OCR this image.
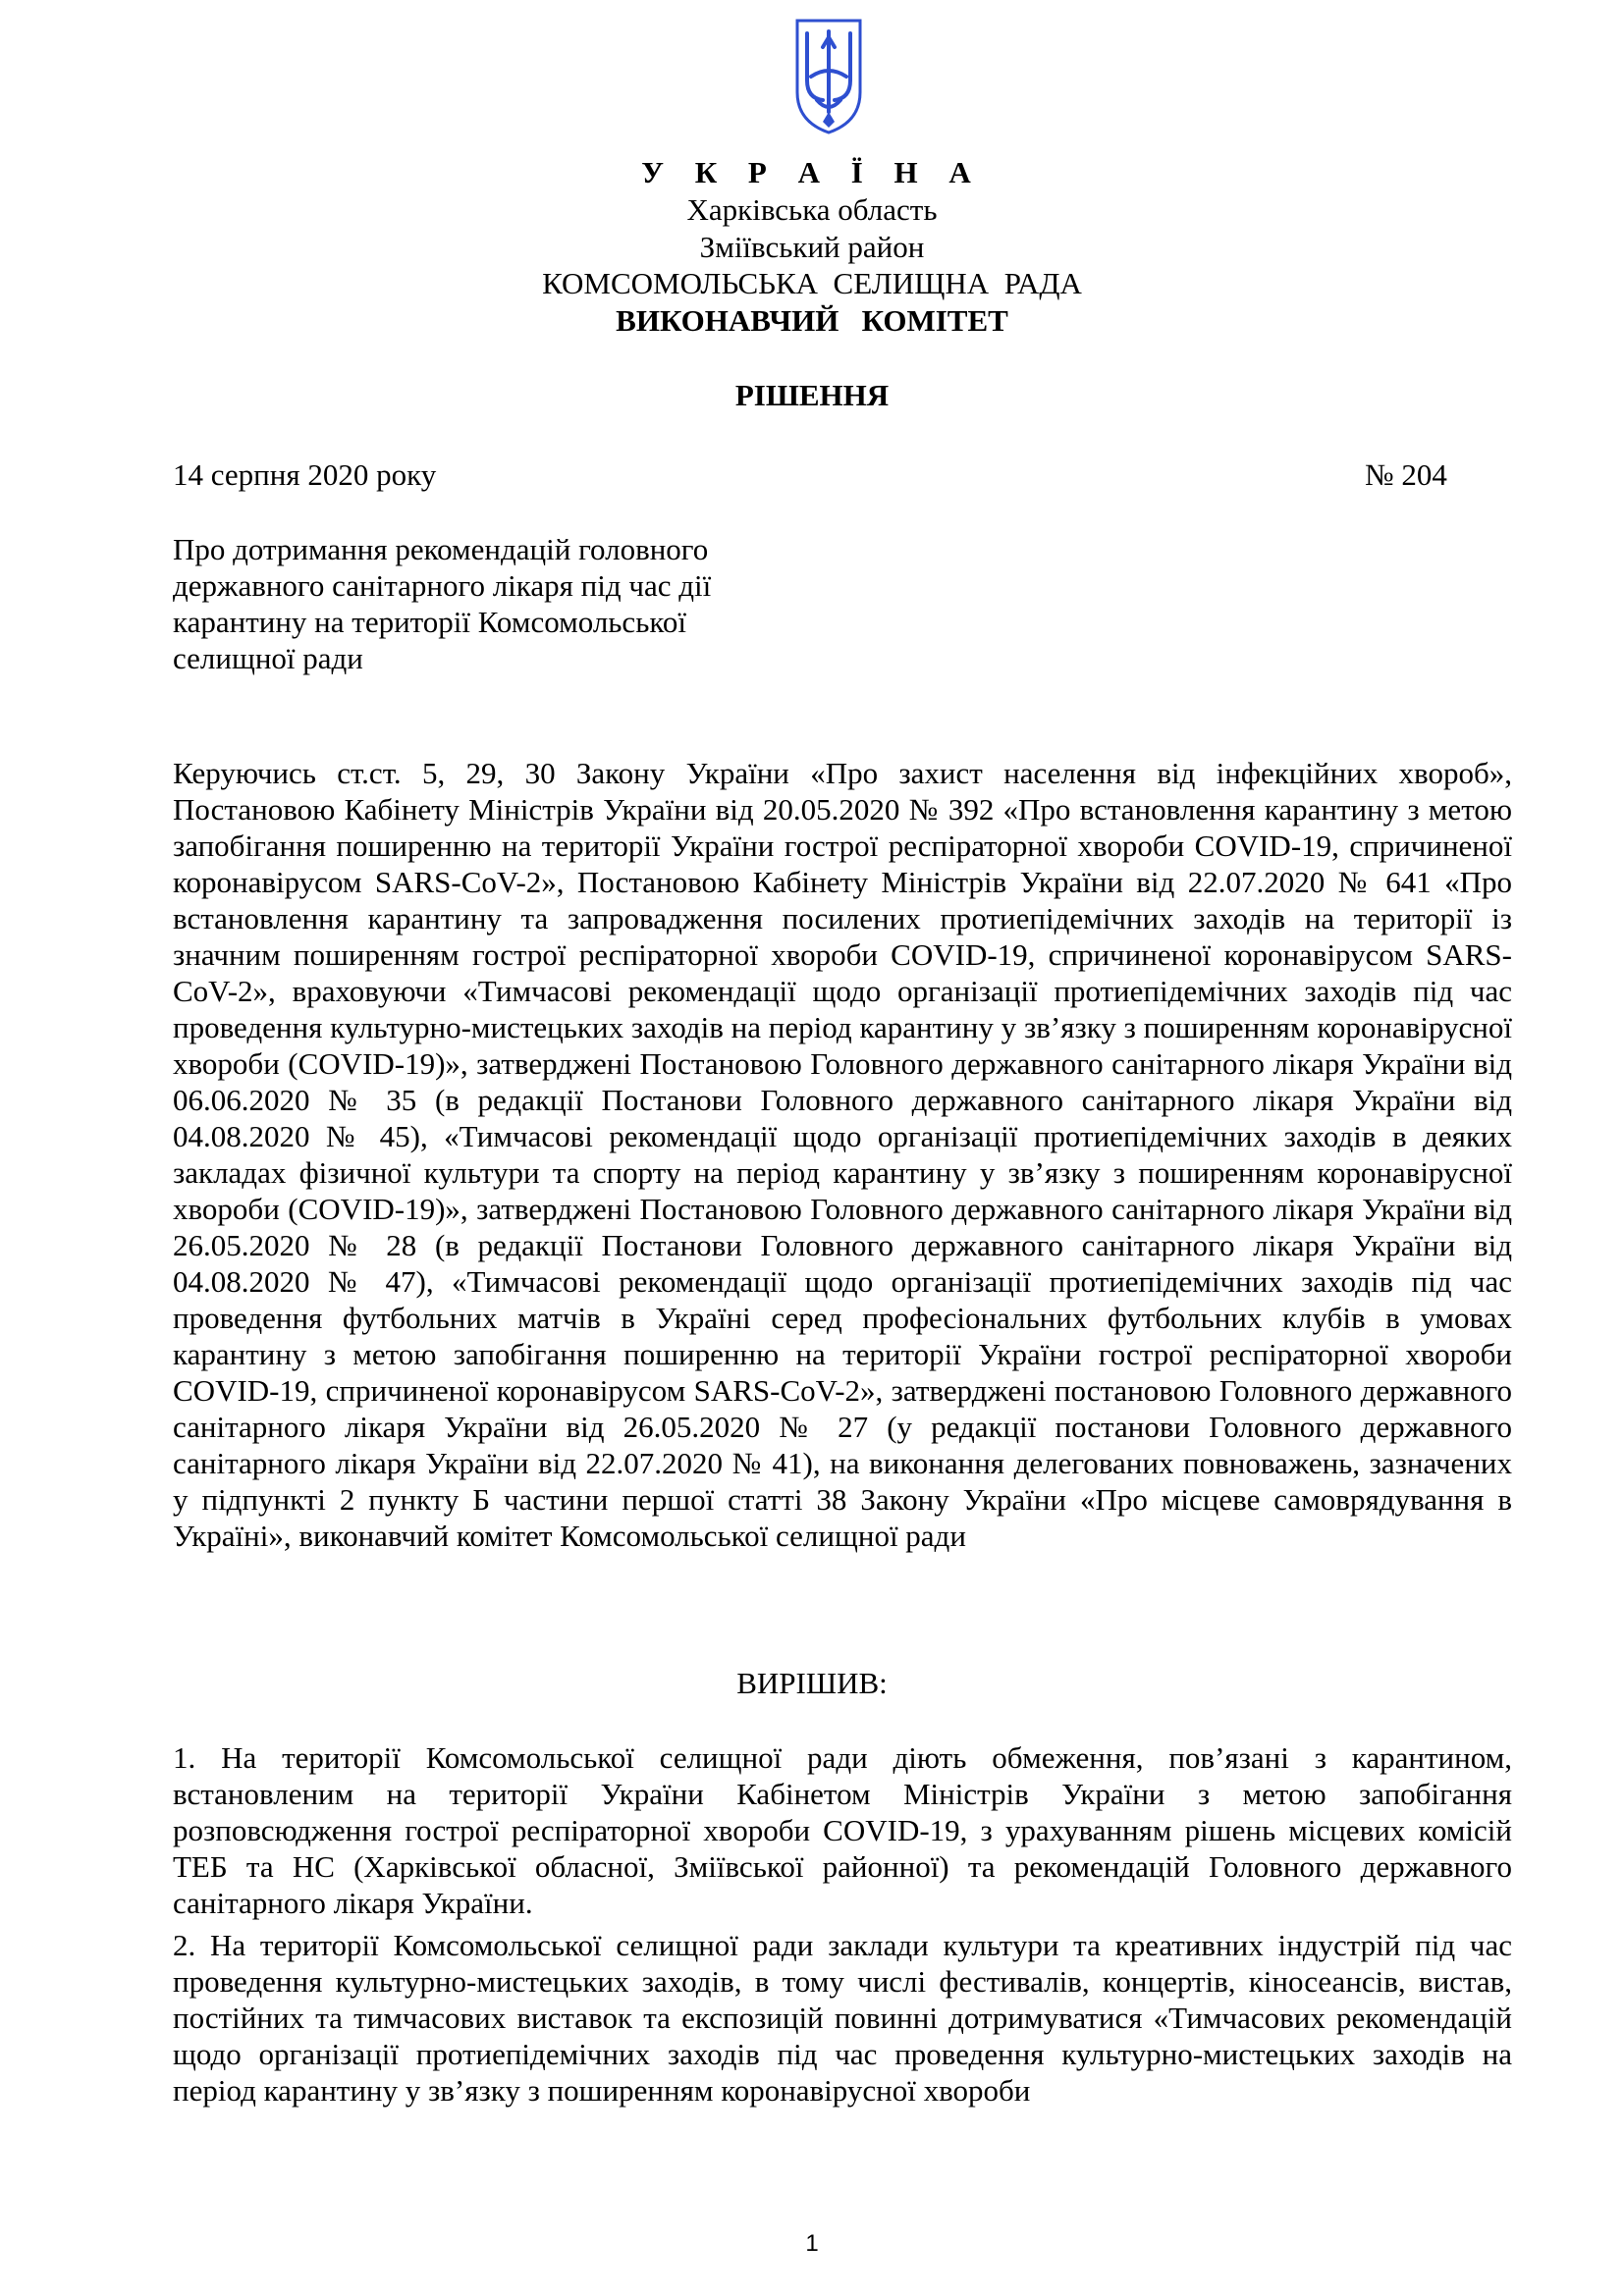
У К Р А Ї Н А
Харківська область
Зміївський район
КОМСОМОЛЬСЬКА  СЕЛИЩНА  РАДА
ВИКОНАВЧИЙ   КОМІТЕТ
РІШЕННЯ
14 серпня 2020 року	№ 204
Про дотримання рекомендацій головного державного санітарного лікаря під час дії карантину на території Комсомольської селищної ради
Керуючись ст.ст. 5, 29, 30 Закону України «Про захист населення від інфекційних хвороб», Постановою Кабінету Міністрів України від 20.05.2020 № 392 «Про встановлення карантину з метою запобігання поширенню на території України гострої респіраторної хвороби COVID-19, спричиненої коронавірусом SARS-CoV-2», Постановою Кабінету Міністрів України від 22.07.2020 № 641 «Про встановлення карантину та запровадження посилених протиепідемічних заходів на території із значним поширенням гострої респіраторної хвороби COVID-19, спричиненої коронавірусом SARS-CoV-2», враховуючи «Тимчасові рекомендації щодо організації протиепідемічних заходів під час проведення культурно-мистецьких заходів на період карантину у зв’язку з поширенням коронавірусної хвороби (COVID-19)», затверджені Постановою Головного державного санітарного лікаря України від 06.06.2020 № 35 (в редакції Постанови Головного державного санітарного лікаря України від 04.08.2020 № 45), «Тимчасові рекомендації щодо організації протиепідемічних заходів в деяких закладах фізичної культури та спорту на період карантину у зв’язку з поширенням коронавірусної хвороби (COVID-19)», затверджені Постановою Головного державного санітарного лікаря України від 26.05.2020 № 28 (в редакції Постанови Головного державного санітарного лікаря України від 04.08.2020 № 47), «Тимчасові рекомендації щодо організації протиепідемічних заходів під час проведення футбольних матчів в Україні серед професіональних футбольних клубів в умовах карантину з метою запобігання поширенню на території України гострої респіраторної хвороби COVID-19, спричиненої коронавірусом SARS-CoV-2», затверджені постановою Головного державного санітарного лікаря України від 26.05.2020 № 27 (у редакції постанови Головного державного санітарного лікаря України від 22.07.2020 № 41), на виконання делегованих повноважень, зазначених у підпункті 2 пункту Б частини першої статті 38 Закону України «Про місцеве самоврядування в Україні», виконавчий комітет Комсомольської селищної ради
ВИРІШИВ:
1. На території Комсомольської селищної ради діють обмеження, пов’язані з карантином, встановленим на території України Кабінетом Міністрів України з метою запобігання розповсюдження гострої респіраторної хвороби COVID-19, з урахуванням рішень місцевих комісій ТЕБ та НС (Харківської обласної, Зміївської районної) та рекомендацій Головного державного санітарного лікаря України.
2. На території Комсомольської селищної ради заклади культури та креативних індустрій під час проведення культурно-мистецьких заходів, в тому числі фестивалів, концертів, кіносеансів, вистав, постійних та тимчасових виставок та експозицій повинні дотримуватися «Тимчасових рекомендацій щодо організації протиепідемічних заходів під час проведення культурно-мистецьких заходів на період карантину у зв’язку з поширенням коронавірусної хвороби
1
